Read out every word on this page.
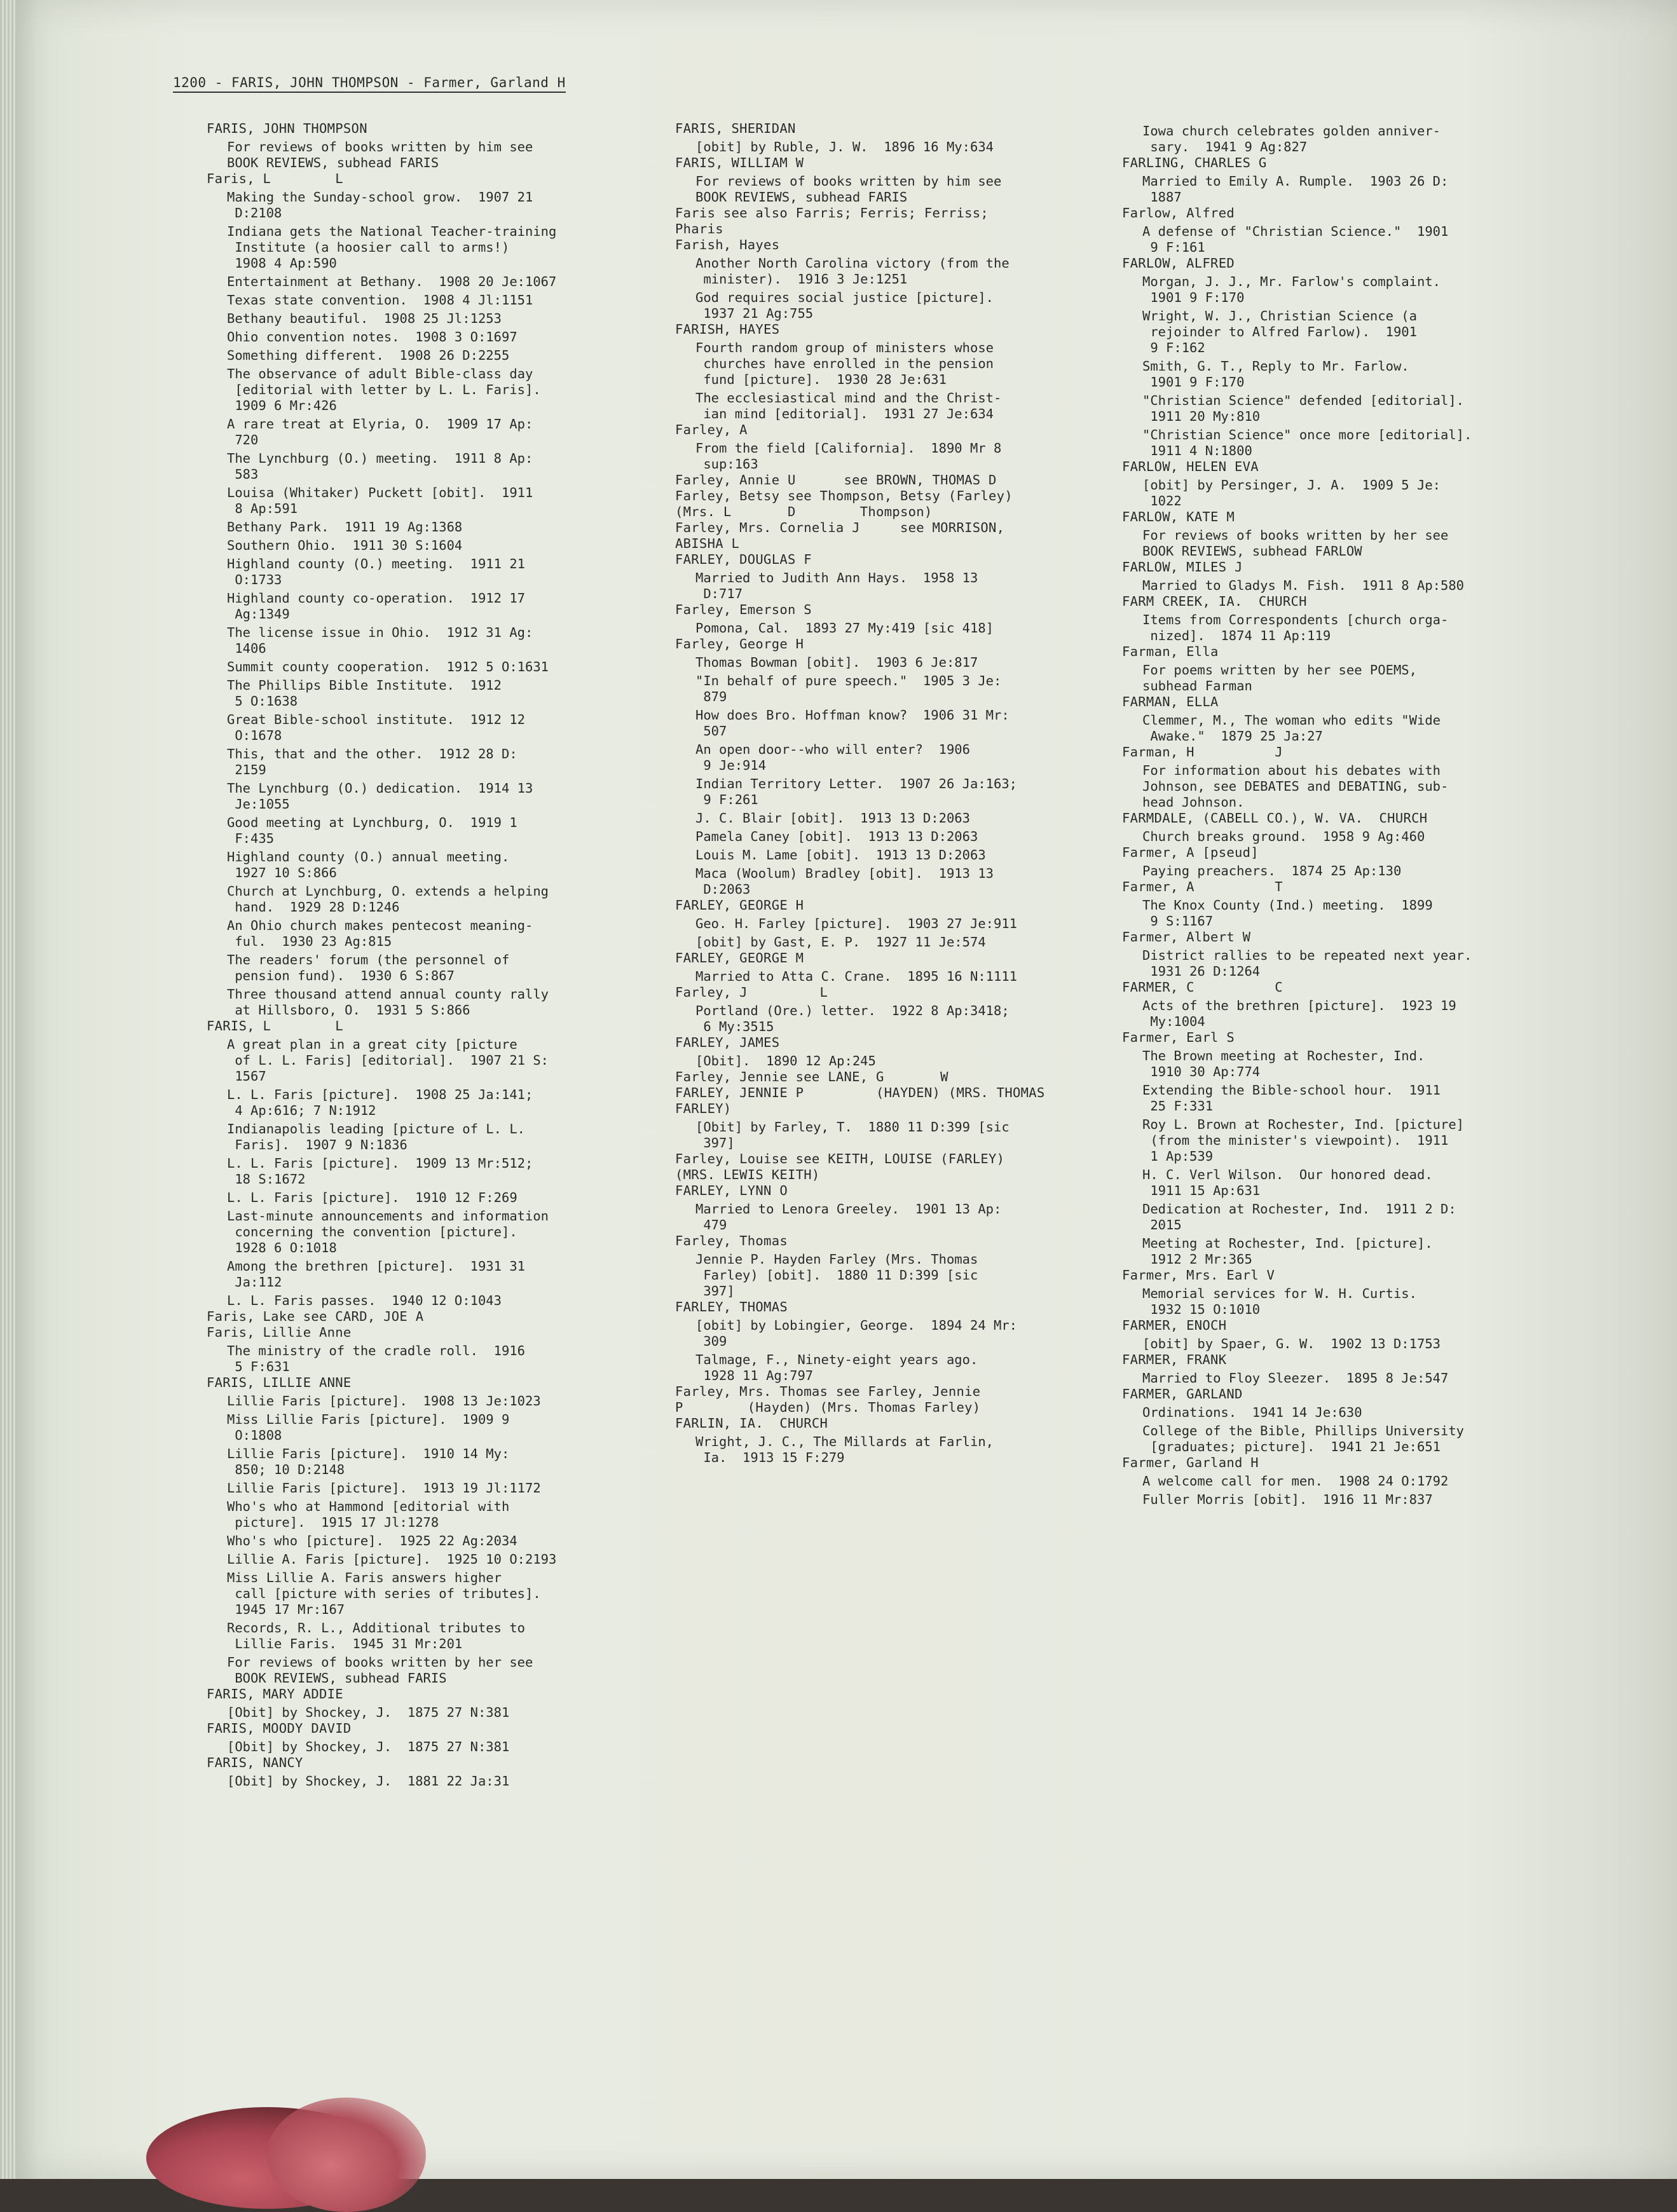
1200 - FARIS, JOHN THOMPSON - Farmer, Garland H
FARIS, JOHN THOMPSON
For reviews of books written by him see
BOOK REVIEWS, subhead FARIS
Faris, L        L
Making the Sunday-school grow.  1907 21
D:2108
Indiana gets the National Teacher-training
Institute (a hoosier call to arms!)
1908 4 Ap:590
Entertainment at Bethany.  1908 20 Je:1067
Texas state convention.  1908 4 Jl:1151
Bethany beautiful.  1908 25 Jl:1253
Ohio convention notes.  1908 3 O:1697
Something different.  1908 26 D:2255
The observance of adult Bible-class day
[editorial with letter by L. L. Faris].
1909 6 Mr:426
A rare treat at Elyria, O.  1909 17 Ap:
720
The Lynchburg (O.) meeting.  1911 8 Ap:
583
Louisa (Whitaker) Puckett [obit].  1911
8 Ap:591
Bethany Park.  1911 19 Ag:1368
Southern Ohio.  1911 30 S:1604
Highland county (O.) meeting.  1911 21
O:1733
Highland county co-operation.  1912 17
Ag:1349
The license issue in Ohio.  1912 31 Ag:
1406
Summit county cooperation.  1912 5 O:1631
The Phillips Bible Institute.  1912
5 O:1638
Great Bible-school institute.  1912 12
O:1678
This, that and the other.  1912 28 D:
2159
The Lynchburg (O.) dedication.  1914 13
Je:1055
Good meeting at Lynchburg, O.  1919 1
F:435
Highland county (O.) annual meeting.
1927 10 S:866
Church at Lynchburg, O. extends a helping
hand.  1929 28 D:1246
An Ohio church makes pentecost meaning-
ful.  1930 23 Ag:815
The readers' forum (the personnel of
pension fund).  1930 6 S:867
Three thousand attend annual county rally
at Hillsboro, O.  1931 5 S:866
FARIS, L        L
A great plan in a great city [picture
of L. L. Faris] [editorial].  1907 21 S:
1567
L. L. Faris [picture].  1908 25 Ja:141;
4 Ap:616; 7 N:1912
Indianapolis leading [picture of L. L.
Faris].  1907 9 N:1836
L. L. Faris [picture].  1909 13 Mr:512;
18 S:1672
L. L. Faris [picture].  1910 12 F:269
Last-minute announcements and information
concerning the convention [picture].
1928 6 O:1018
Among the brethren [picture].  1931 31
Ja:112
L. L. Faris passes.  1940 12 O:1043
Faris, Lake see CARD, JOE A
Faris, Lillie Anne
The ministry of the cradle roll.  1916
5 F:631
FARIS, LILLIE ANNE
Lillie Faris [picture].  1908 13 Je:1023
Miss Lillie Faris [picture].  1909 9
O:1808
Lillie Faris [picture].  1910 14 My:
850; 10 D:2148
Lillie Faris [picture].  1913 19 Jl:1172
Who's who at Hammond [editorial with
picture].  1915 17 Jl:1278
Who's who [picture].  1925 22 Ag:2034
Lillie A. Faris [picture].  1925 10 O:2193
Miss Lillie A. Faris answers higher
call [picture with series of tributes].
1945 17 Mr:167
Records, R. L., Additional tributes to
Lillie Faris.  1945 31 Mr:201
For reviews of books written by her see
BOOK REVIEWS, subhead FARIS
FARIS, MARY ADDIE
[Obit] by Shockey, J.  1875 27 N:381
FARIS, MOODY DAVID
[Obit] by Shockey, J.  1875 27 N:381
FARIS, NANCY
[Obit] by Shockey, J.  1881 22 Ja:31
FARIS, SHERIDAN
[obit] by Ruble, J. W.  1896 16 My:634
FARIS, WILLIAM W
For reviews of books written by him see
BOOK REVIEWS, subhead FARIS
Faris see also Farris; Ferris; Ferriss;
Pharis
Farish, Hayes
Another North Carolina victory (from the
minister).  1916 3 Je:1251
God requires social justice [picture].
1937 21 Ag:755
FARISH, HAYES
Fourth random group of ministers whose
churches have enrolled in the pension
fund [picture].  1930 28 Je:631
The ecclesiastical mind and the Christ-
ian mind [editorial].  1931 27 Je:634
Farley, A
From the field [California].  1890 Mr 8
sup:163
Farley, Annie U      see BROWN, THOMAS D
Farley, Betsy see Thompson, Betsy (Farley)
(Mrs. L       D        Thompson)
Farley, Mrs. Cornelia J     see MORRISON,
ABISHA L
FARLEY, DOUGLAS F
Married to Judith Ann Hays.  1958 13
D:717
Farley, Emerson S
Pomona, Cal.  1893 27 My:419 [sic 418]
Farley, George H
Thomas Bowman [obit].  1903 6 Je:817
"In behalf of pure speech."  1905 3 Je:
879
How does Bro. Hoffman know?  1906 31 Mr:
507
An open door--who will enter?  1906
9 Je:914
Indian Territory Letter.  1907 26 Ja:163;
9 F:261
J. C. Blair [obit].  1913 13 D:2063
Pamela Caney [obit].  1913 13 D:2063
Louis M. Lame [obit].  1913 13 D:2063
Maca (Woolum) Bradley [obit].  1913 13
D:2063
FARLEY, GEORGE H
Geo. H. Farley [picture].  1903 27 Je:911
[obit] by Gast, E. P.  1927 11 Je:574
FARLEY, GEORGE M
Married to Atta C. Crane.  1895 16 N:1111
Farley, J         L
Portland (Ore.) letter.  1922 8 Ap:3418;
6 My:3515
FARLEY, JAMES
[Obit].  1890 12 Ap:245
Farley, Jennie see LANE, G       W
FARLEY, JENNIE P         (HAYDEN) (MRS. THOMAS
FARLEY)
[Obit] by Farley, T.  1880 11 D:399 [sic
397]
Farley, Louise see KEITH, LOUISE (FARLEY)
(MRS. LEWIS KEITH)
FARLEY, LYNN O
Married to Lenora Greeley.  1901 13 Ap:
479
Farley, Thomas
Jennie P. Hayden Farley (Mrs. Thomas
Farley) [obit].  1880 11 D:399 [sic
397]
FARLEY, THOMAS
[obit] by Lobingier, George.  1894 24 Mr:
309
Talmage, F., Ninety-eight years ago.
1928 11 Ag:797
Farley, Mrs. Thomas see Farley, Jennie
P        (Hayden) (Mrs. Thomas Farley)
FARLIN, IA.  CHURCH
Wright, J. C., The Millards at Farlin,
Ia.  1913 15 F:279
Iowa church celebrates golden anniver-
sary.  1941 9 Ag:827
FARLING, CHARLES G
Married to Emily A. Rumple.  1903 26 D:
1887
Farlow, Alfred
A defense of "Christian Science."  1901
9 F:161
FARLOW, ALFRED
Morgan, J. J., Mr. Farlow's complaint.
1901 9 F:170
Wright, W. J., Christian Science (a
rejoinder to Alfred Farlow).  1901
9 F:162
Smith, G. T., Reply to Mr. Farlow.
1901 9 F:170
"Christian Science" defended [editorial].
1911 20 My:810
"Christian Science" once more [editorial].
1911 4 N:1800
FARLOW, HELEN EVA
[obit] by Persinger, J. A.  1909 5 Je:
1022
FARLOW, KATE M
For reviews of books written by her see
BOOK REVIEWS, subhead FARLOW
FARLOW, MILES J
Married to Gladys M. Fish.  1911 8 Ap:580
FARM CREEK, IA.  CHURCH
Items from Correspondents [church orga-
nized].  1874 11 Ap:119
Farman, Ella
For poems written by her see POEMS,
subhead Farman
FARMAN, ELLA
Clemmer, M., The woman who edits "Wide
Awake."  1879 25 Ja:27
Farman, H          J
For information about his debates with
Johnson, see DEBATES and DEBATING, sub-
head Johnson.
FARMDALE, (CABELL CO.), W. VA.  CHURCH
Church breaks ground.  1958 9 Ag:460
Farmer, A [pseud]
Paying preachers.  1874 25 Ap:130
Farmer, A          T
The Knox County (Ind.) meeting.  1899
9 S:1167
Farmer, Albert W
District rallies to be repeated next year.
1931 26 D:1264
FARMER, C          C
Acts of the brethren [picture].  1923 19
My:1004
Farmer, Earl S
The Brown meeting at Rochester, Ind.
1910 30 Ap:774
Extending the Bible-school hour.  1911
25 F:331
Roy L. Brown at Rochester, Ind. [picture]
(from the minister's viewpoint).  1911
1 Ap:539
H. C. Verl Wilson.  Our honored dead.
1911 15 Ap:631
Dedication at Rochester, Ind.  1911 2 D:
2015
Meeting at Rochester, Ind. [picture].
1912 2 Mr:365
Farmer, Mrs. Earl V
Memorial services for W. H. Curtis.
1932 15 O:1010
FARMER, ENOCH
[obit] by Spaer, G. W.  1902 13 D:1753
FARMER, FRANK
Married to Floy Sleezer.  1895 8 Je:547
FARMER, GARLAND
Ordinations.  1941 14 Je:630
College of the Bible, Phillips University
[graduates; picture].  1941 21 Je:651
Farmer, Garland H
A welcome call for men.  1908 24 O:1792
Fuller Morris [obit].  1916 11 Mr:837
